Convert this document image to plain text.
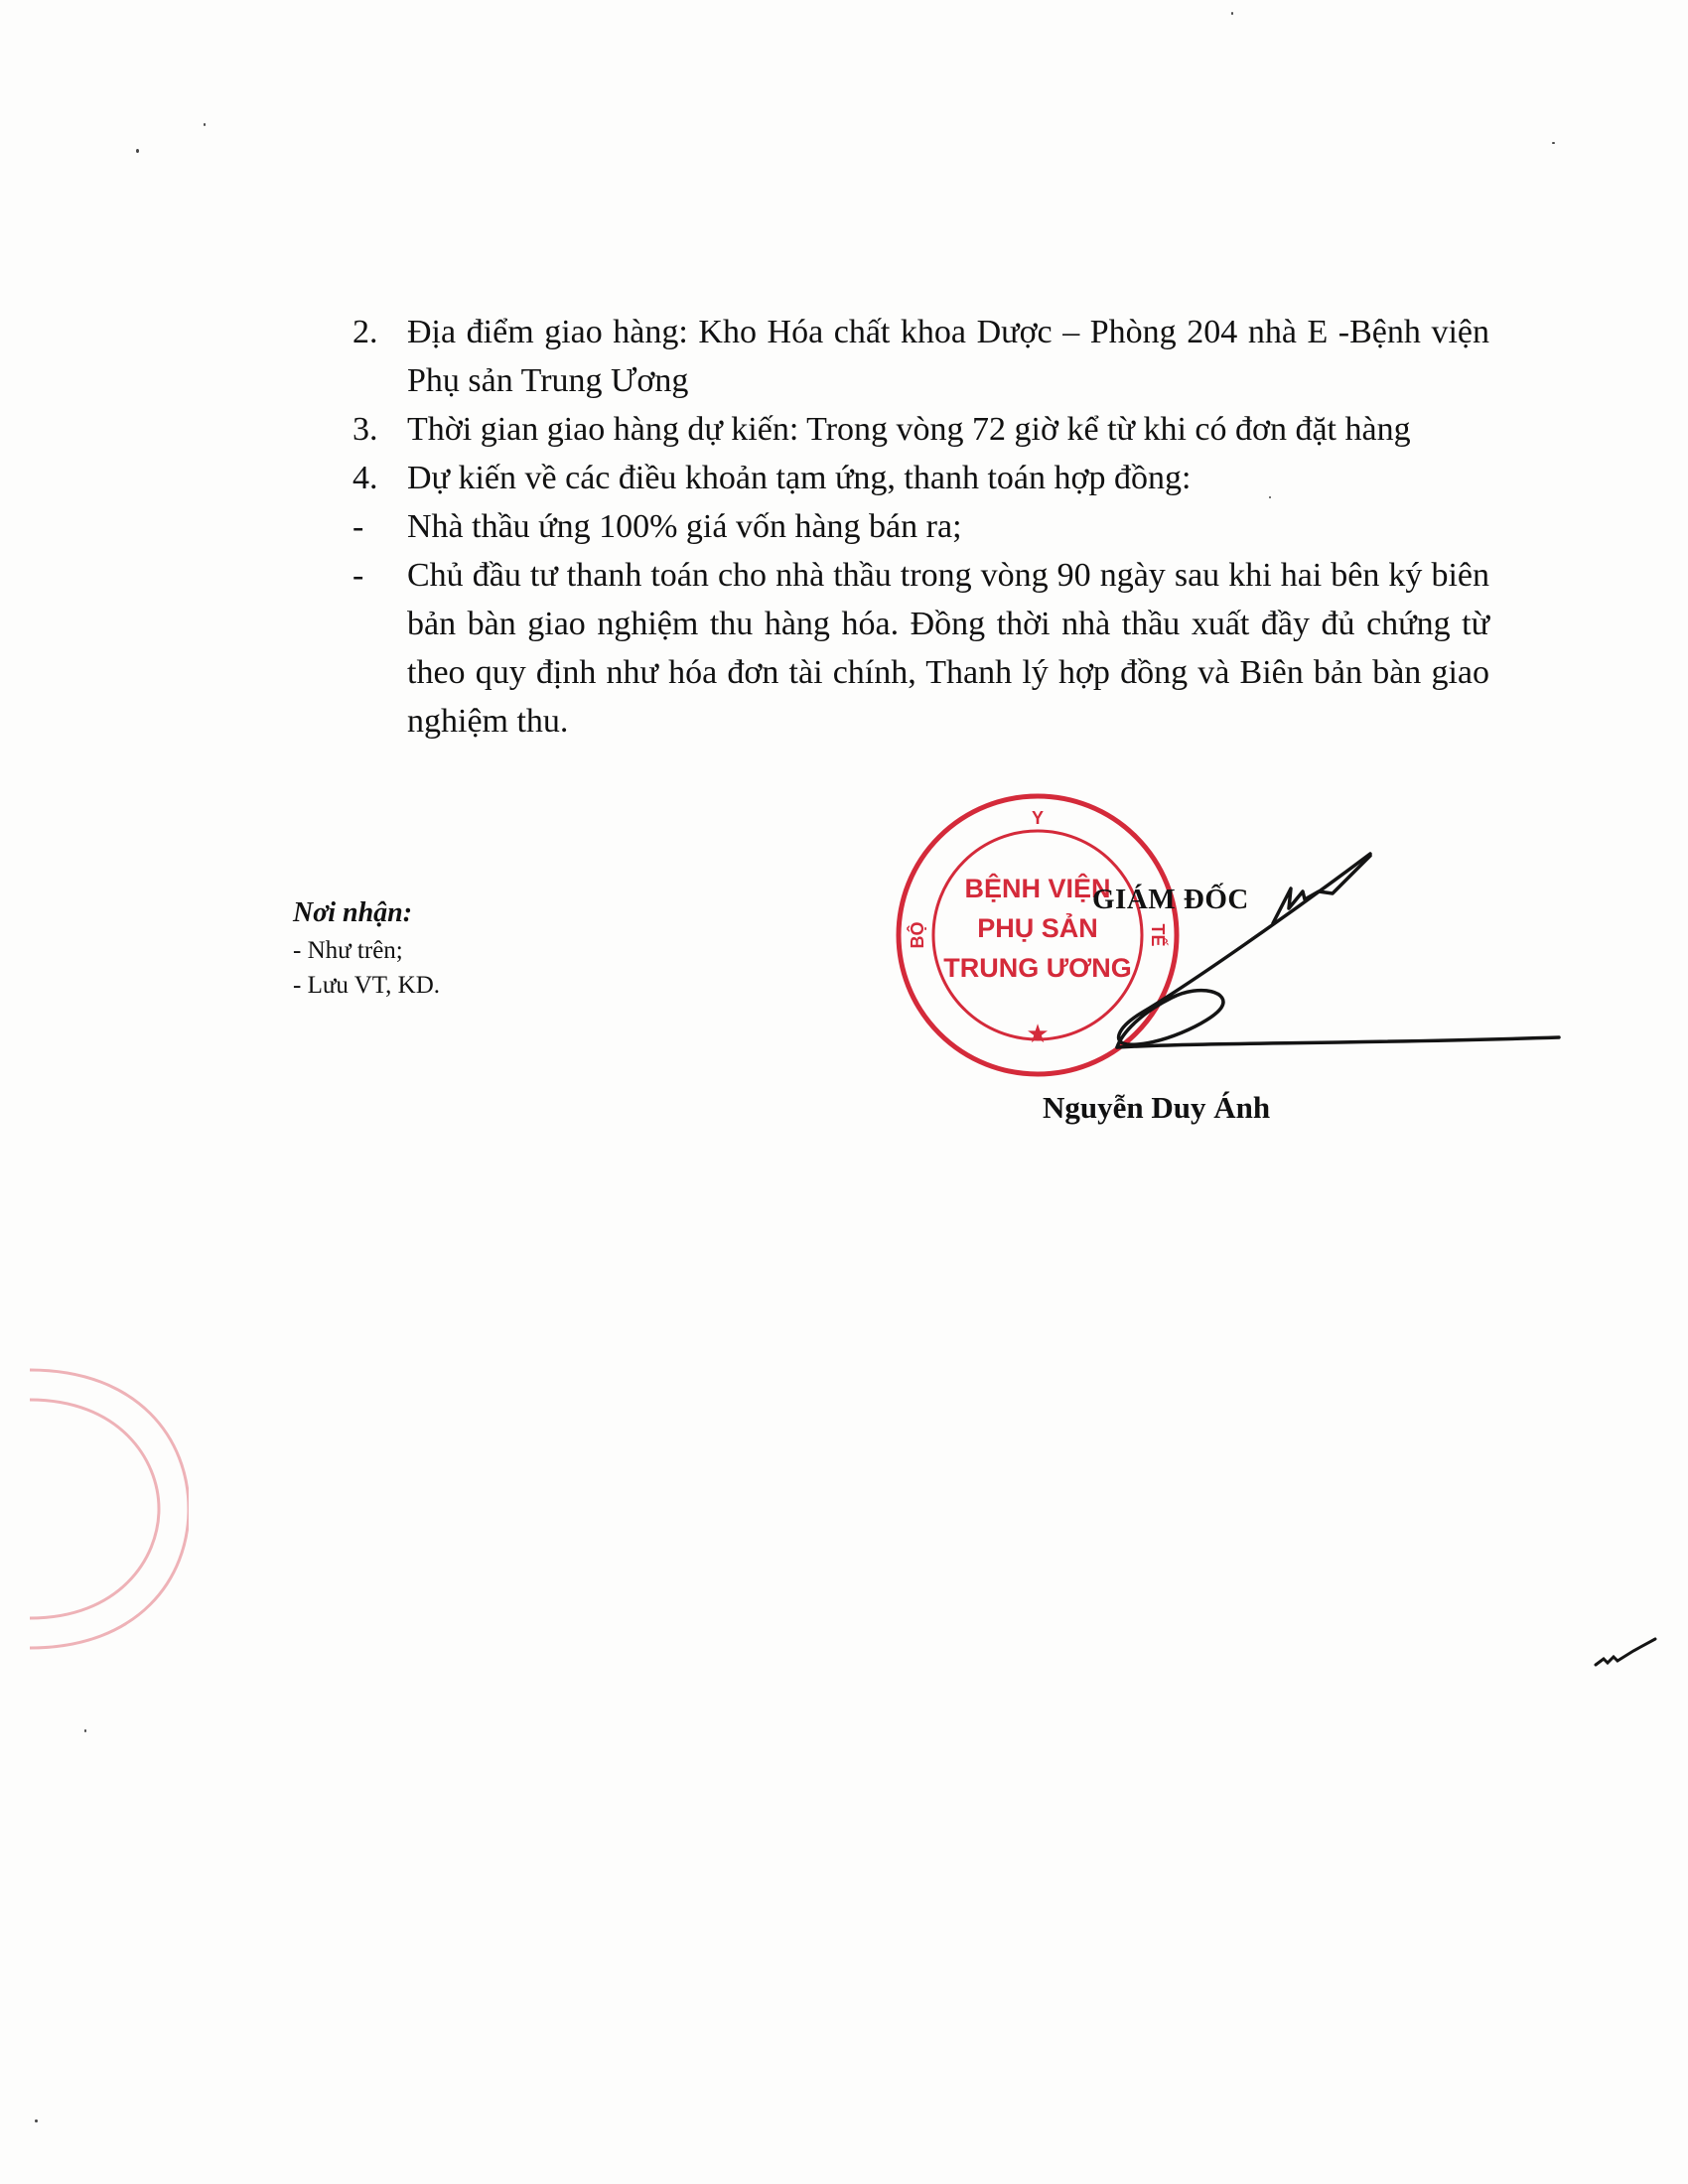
2. Địa điểm giao hàng: Kho Hóa chất khoa Dược – Phòng 204 nhà E -Bệnh viện Phụ sản Trung Ương
3. Thời gian giao hàng dự kiến: Trong vòng 72 giờ kể từ khi có đơn đặt hàng
4. Dự kiến về các điều khoản tạm ứng, thanh toán hợp đồng:
-	Nhà thầu ứng 100% giá vốn hàng bán ra;
-	Chủ đầu tư thanh toán cho nhà thầu trong vòng 90 ngày sau khi hai bên ký biên bản bàn giao nghiệm thu hàng hóa. Đồng thời nhà thầu xuất đầy đủ chứng từ theo quy định như hóa đơn tài chính, Thanh lý hợp đồng và Biên bản bàn giao nghiệm thu.
Nơi nhận:
- Như trên;
- Lưu VT, KD.
Y
BỘ	TẾ
BỆNH VIỆN
PHỤ SẢN
TRUNG ƯƠNG
★
GIÁM ĐỐC
Nguyễn Duy Ánh
